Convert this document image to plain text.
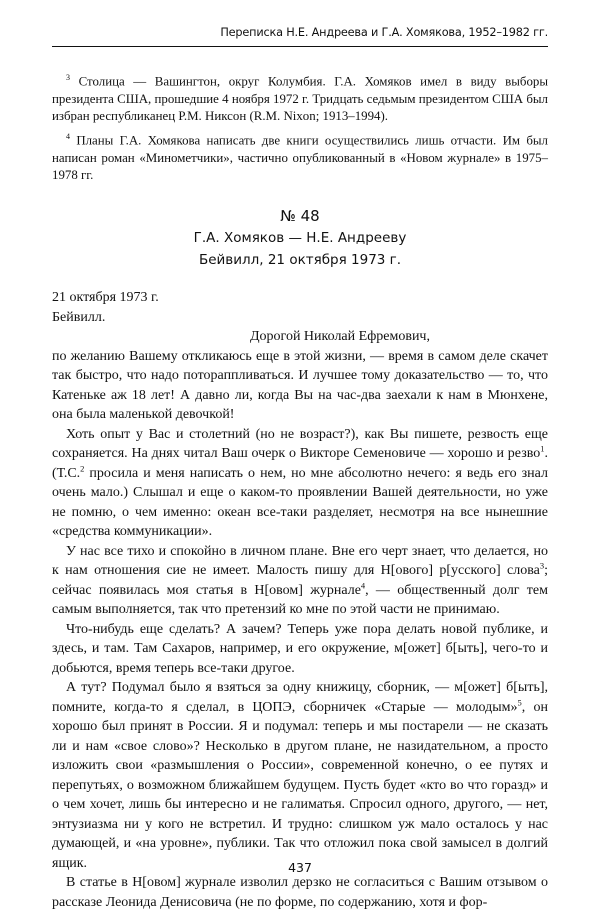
Переписка Н.Е. Андреева и Г.А. Хомякова, 1952–1982 гг.

$^3$ Столица — Вашингтон, округ Колумбия. Г.А. Хомяков имел в виду выборы президента США, прошедшие 4 ноября 1972 г. Тридцать седьмым президентом США был избран республиканец Р.М. Никсон (R.M. Nixon; 1913–1994).

$^4$ Планы Г.А. Хомякова написать две книги осуществились лишь отчасти. Им был написан роман «Минометчики», частично опубликованный в «Новом журнале» в 1975–1978 гг.

№ 48
Г.А. Хомяков — Н.Е. Андрееву
Бейвилл, 21 октября 1973 г.

21 октября 1973 г.

Бейвилл.

Дорогой Николай Ефремович,

по желанию Вашему откликаюсь еще в этой жизни, — время в самом деле скачет так быстро, что надо потораппливаться. И лучшее тому доказательство — то, что Катеньке аж 18 лет! А давно ли, когда Вы на час-два заехали к нам в Мюнхене, она была маленькой девочкой!

Хоть опыт у Вас и столетний (но не возраст?), как Вы пишете, резвость еще сохраняется. На днях читал Ваш очерк о Викторе Семеновиче — хорошо и резво$^1$. (Т.С.$^2$ просила и меня написать о нем, но мне абсолютно нечего: я ведь его знал очень мало.) Слышал и еще о каком-то проявлении Вашей деятельности, но уже не помню, о чем именно: океан все-таки разделяет, несмотря на все нынешние «средства коммуникации».

У нас все тихо и спокойно в личном плане. Вне его черт знает, что делается, но к нам отношения сие не имеет. Малость пишу для Н[ового] р[усского] слова$^3$; сейчас появилась моя статья в Н[овом] журнале$^4$, — общественный долг тем самым выполняется, так что претензий ко мне по этой части не принимаю.

Что-нибудь еще сделать? А зачем? Теперь уже пора делать новой публике, и здесь, и там. Там Сахаров, например, и его окружение, м[ожет] б[ыть], чего-то и добьются, время теперь все-таки другое.

А тут? Подумал было я взяться за одну книжицу, сборник, — м[ожет] б[ыть], помните, когда-то я сделал, в ЦОПЭ, сборничек «Старые — молодым»$^5$, он хорошо был принят в России. Я и подумал: теперь и мы постарели — не сказать ли и нам «свое слово»? Несколько в другом плане, не назидательном, а просто изложить свои «размышления о России», современной конечно, о ее путях и перепутьях, о возможном ближайшем будущем. Пусть будет «кто во что горазд» и о чем хочет, лишь бы интересно и не галиматья. Спросил одного, другого, — нет, энтузиазма ни у кого не встретил. И трудно: слишком уж мало осталось у нас думающей, и «на уровне», публики. Так что отложил пока свой замысел в долгий ящик.

В статье в Н[овом] журнале изволил дерзко не согласиться с Вашим отзывом о рассказе Леонида Денисовича (не по форме, по содержанию, хотя и фор-

437
